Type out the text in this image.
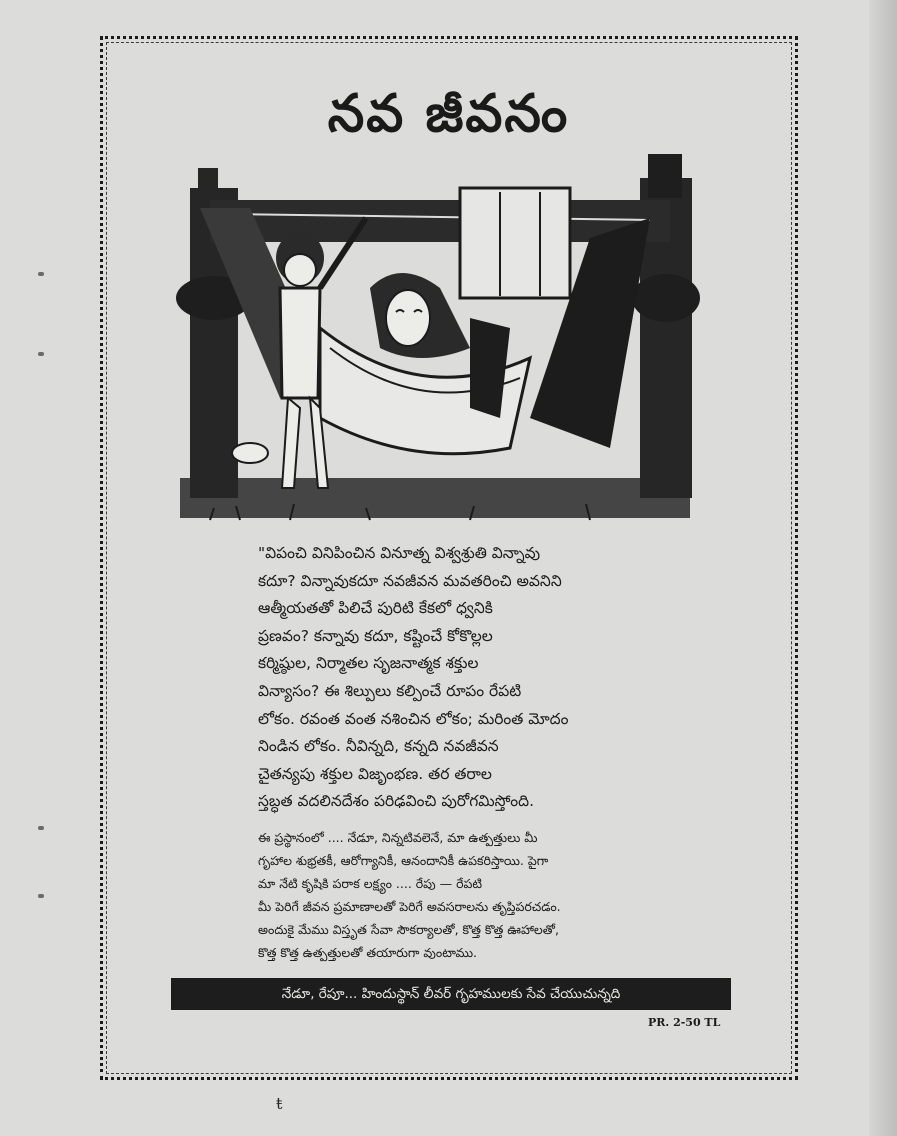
నవ జీవనం
"విపంచి వినిపించిన వినూత్న విశ్వశ్రుతి విన్నావు
కదూ? విన్నావుకదూ నవజీవన మవతరించి అవనిని
ఆత్మీయతతో పిలిచే పురిటి కేకలో ధ్వనికి
ప్రణవం? కన్నావు కదూ, కష్టించే కోకొల్లల
కర్మిష్ఠుల, నిర్మాతల సృజనాత్మక శక్తుల
విన్యాసం? ఈ శిల్పులు కల్పించే రూపం రేపటి
లోకం. రవంత వంత నశించిన లోకం; మరింత మోదం
నిండిన లోకం. నీవిన్నది, కన్నది నవజీవన
చైతన్యపు శక్తుల విజృంభణ. తర తరాల
స్తబ్ధత వదలినదేశం పరిఢవించి పురోగమిస్తోంది.
ఈ ప్రస్థానంలో .... నేడూ, నిన్నటివలెనే, మా ఉత్పత్తులు మీ
గృహాల శుభ్రతకీ, ఆరోగ్యానికీ, ఆనందానికీ ఉపకరిస్తాయి. పైగా
మా నేటి కృషికి పరాక లక్ష్యం .... రేపు — రేపటి
మీ పెరిగే జీవన ప్రమాణాలతో పెరిగే అవసరాలను తృప్తిపరచడం.
అందుకై మేము విస్తృత సేవా సౌకర్యాలతో, కొత్త కొత్త ఊహాలతో,
కొత్త కొత్త ఉత్పత్తులతో తయారుగా వుంటాము.
నేడూ, రేపూ... హిందుస్థాన్ లీవర్ గృహములకు సేవ చేయుచున్నది
PR. 2-50 TL
ŧ
